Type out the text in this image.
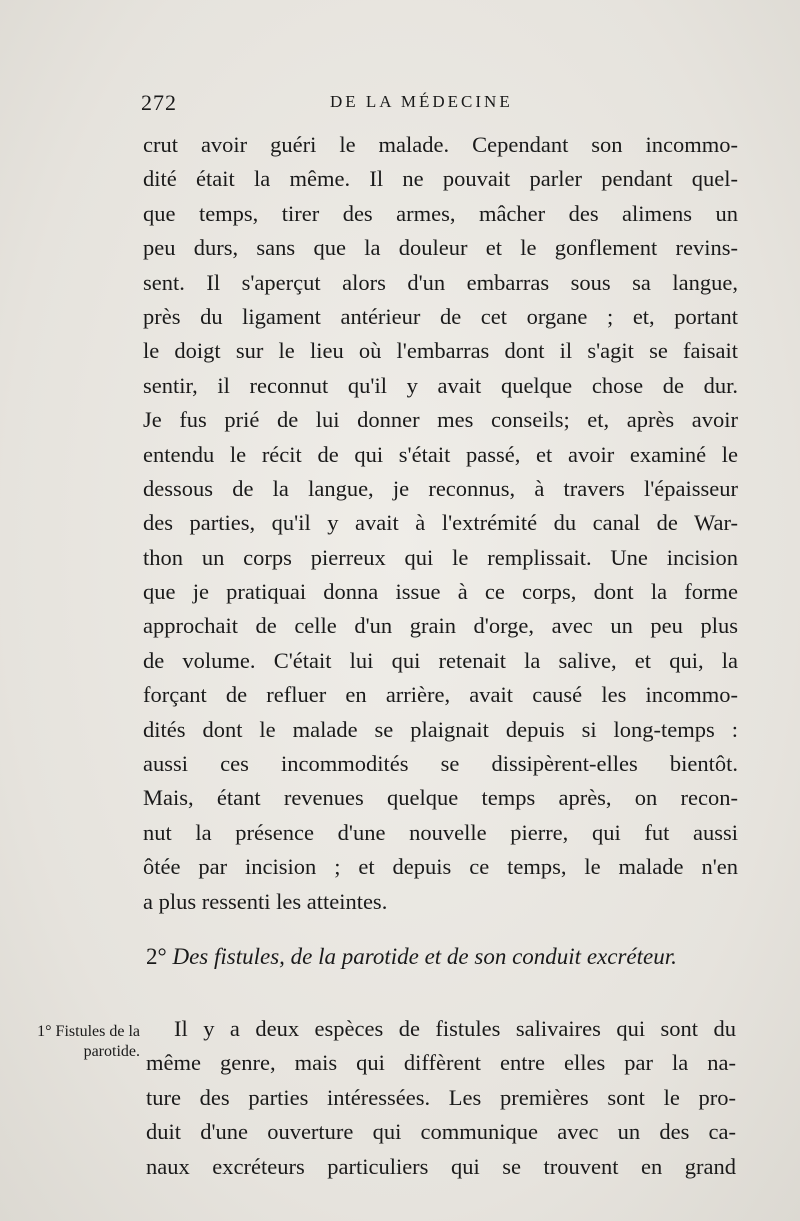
272	DE LA MÉDECINE
crut avoir guéri le malade. Cependant son incommo-
dité était la même. Il ne pouvait parler pendant quel-
que temps, tirer des armes, mâcher des alimens un
peu durs, sans que la douleur et le gonflement revins-
sent. Il s'aperçut alors d'un embarras sous sa langue,
près du ligament antérieur de cet organe ; et, portant
le doigt sur le lieu où l'embarras dont il s'agit se faisait
sentir, il reconnut qu'il y avait quelque chose de dur.
Je fus prié de lui donner mes conseils; et, après avoir
entendu le récit de qui s'était passé, et avoir examiné le
dessous de la langue, je reconnus, à travers l'épaisseur
des parties, qu'il y avait à l'extrémité du canal de War-
thon un corps pierreux qui le remplissait. Une incision
que je pratiquai donna issue à ce corps, dont la forme
approchait de celle d'un grain d'orge, avec un peu plus
de volume. C'était lui qui retenait la salive, et qui, la
forçant de refluer en arrière, avait causé les incommo-
dités dont le malade se plaignait depuis si long-temps :
aussi ces incommodités se dissipèrent-elles bientôt.
Mais, étant revenues quelque temps après, on recon-
nut la présence d'une nouvelle pierre, qui fut aussi
ôtée par incision ; et depuis ce temps, le malade n'en
a plus ressenti les atteintes.
2° Des fistules, de la parotide et de son conduit excréteur.
1° Fistules de la parotide.
Il y a deux espèces de fistules salivaires qui sont du
même genre, mais qui diffèrent entre elles par la na-
ture des parties intéressées. Les premières sont le pro-
duit d'une ouverture qui communique avec un des ca-
naux excréteurs particuliers qui se trouvent en grand
